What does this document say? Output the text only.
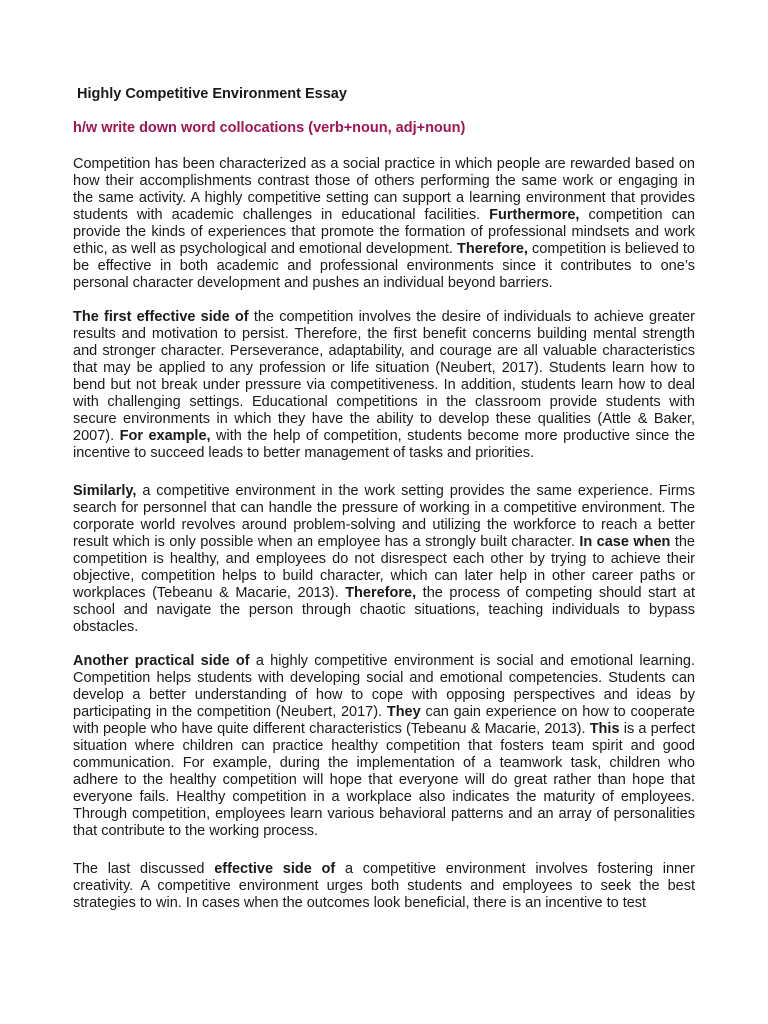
Highly Competitive Environment Essay
h/w write down word collocations (verb+noun, adj+noun)

Competition has been characterized as a social practice in which people are rewarded based on how their accomplishments contrast those of others performing the same work or engaging in the same activity. A highly competitive setting can support a learning environment that provides students with academic challenges in educational facilities. Furthermore, competition can provide the kinds of experiences that promote the formation of professional mindsets and work ethic, as well as psychological and emotional development. Therefore, competition is believed to be effective in both academic and professional environments since it contributes to one’s personal character development and pushes an individual beyond barriers.

The first effective side of the competition involves the desire of individuals to achieve greater results and motivation to persist. Therefore, the first benefit concerns building mental strength and stronger character. Perseverance, adaptability, and courage are all valuable characteristics that may be applied to any profession or life situation (Neubert, 2017). Students learn how to bend but not break under pressure via competitiveness. In addition, students learn how to deal with challenging settings. Educational competitions in the classroom provide students with secure environments in which they have the ability to develop these qualities (Attle & Baker, 2007). For example, with the help of competition, students become more productive since the incentive to succeed leads to better management of tasks and priorities.

Similarly, a competitive environment in the work setting provides the same experience. Firms search for personnel that can handle the pressure of working in a competitive environment. The corporate world revolves around problem-solving and utilizing the workforce to reach a better result which is only possible when an employee has a strongly built character. In case when the competition is healthy, and employees do not disrespect each other by trying to achieve their objective, competition helps to build character, which can later help in other career paths or workplaces (Tebeanu & Macarie, 2013). Therefore, the process of competing should start at school and navigate the person through chaotic situations, teaching individuals to bypass obstacles.

Another practical side of a highly competitive environment is social and emotional learning. Competition helps students with developing social and emotional competencies. Students can develop a better understanding of how to cope with opposing perspectives and ideas by participating in the competition (Neubert, 2017). They can gain experience on how to cooperate with people who have quite different characteristics (Tebeanu & Macarie, 2013). This is a perfect situation where children can practice healthy competition that fosters team spirit and good communication. For example, during the implementation of a teamwork task, children who adhere to the healthy competition will hope that everyone will do great rather than hope that everyone fails. Healthy competition in a workplace also indicates the maturity of employees. Through competition, employees learn various behavioral patterns and an array of personalities that contribute to the working process.

The last discussed effective side of a competitive environment involves fostering inner creativity. A competitive environment urges both students and employees to seek the best strategies to win. In cases when the outcomes look beneficial, there is an incentive to test
